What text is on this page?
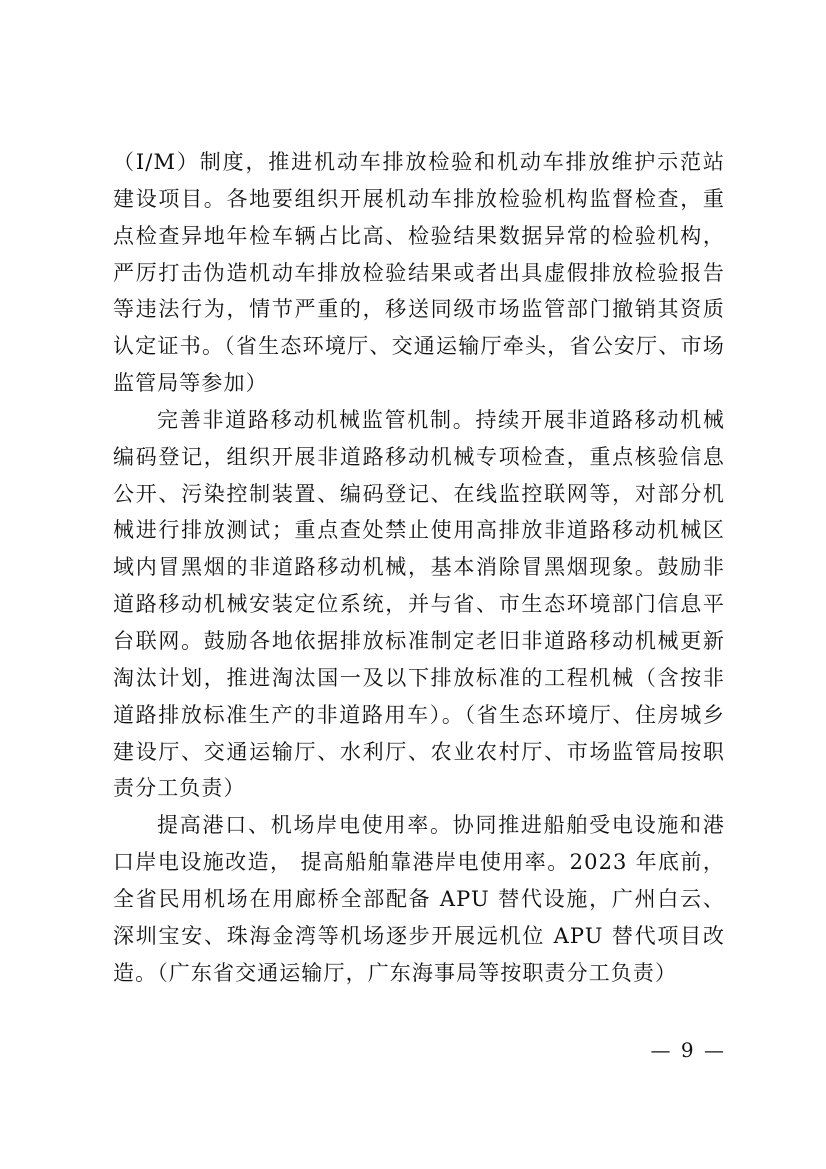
（I/M）制度，推进机动车排放检验和机动车排放维护示范站建设项目。各地要组织开展机动车排放检验机构监督检查，重点检查异地年检车辆占比高、检验结果数据异常的检验机构，严厉打击伪造机动车排放检验结果或者出具虚假排放检验报告等违法行为，情节严重的，移送同级市场监管部门撤销其资质认定证书。（省生态环境厅、交通运输厅牵头，省公安厅、市场监管局等参加）

完善非道路移动机械监管机制。持续开展非道路移动机械编码登记，组织开展非道路移动机械专项检查，重点核验信息公开、污染控制装置、编码登记、在线监控联网等，对部分机械进行排放测试；重点查处禁止使用高排放非道路移动机械区域内冒黑烟的非道路移动机械，基本消除冒黑烟现象。鼓励非道路移动机械安装定位系统，并与省、市生态环境部门信息平台联网。鼓励各地依据排放标准制定老旧非道路移动机械更新淘汰计划，推进淘汰国一及以下排放标准的工程机械（含按非道路排放标准生产的非道路用车）。（省生态环境厅、住房城乡建设厅、交通运输厅、水利厅、农业农村厅、市场监管局按职责分工负责）

提高港口、机场岸电使用率。协同推进船舶受电设施和港口岸电设施改造， 提高船舶靠港岸电使用率。2023 年底前，全省民用机场在用廊桥全部配备 APU 替代设施，广州白云、深圳宝安、珠海金湾等机场逐步开展远机位 APU 替代项目改造。（广东省交通运输厅，广东海事局等按职责分工负责）

— 9 —
